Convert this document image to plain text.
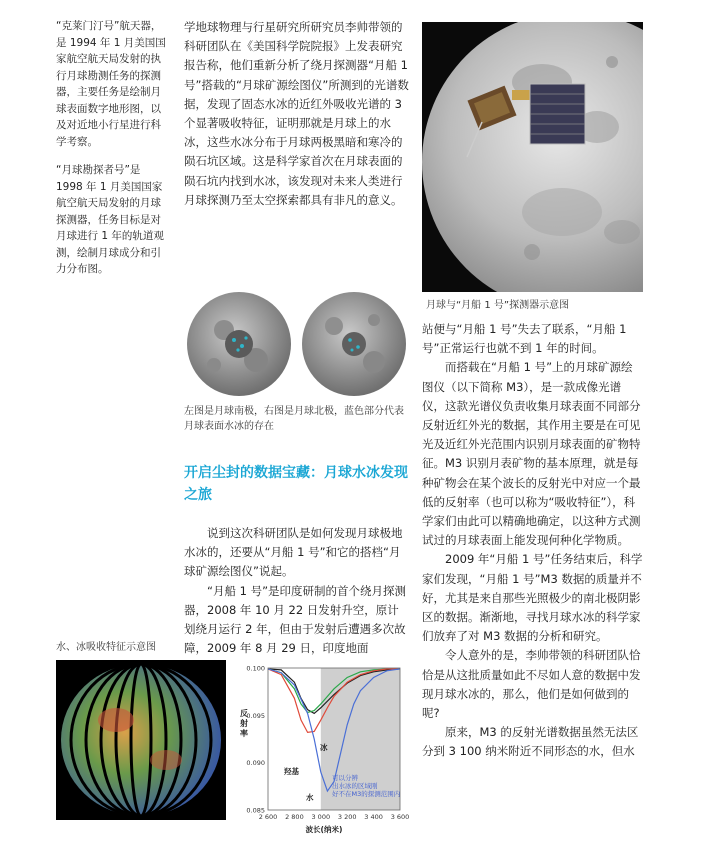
“克莱门汀号”航天器，是 1994 年 1 月美国国家航空航天局发射的执行月球勘测任务的探测器，主要任务是绘制月球表面数字地形图，以及对近地小行星进行科学考察。

“月球勘探者号”是 1998 年 1 月美国国家航空航天局发射的月球探测器，任务目标是对月球进行 1 年的轨道观测，绘制月球成分和引力分布图。

学地球物理与行星研究所研究员李帅带领的科研团队在《美国科学院院报》上发表研究报告称，他们重新分析了绕月探测器“月船 1 号”搭载的“月球矿源绘图仪”所测到的光谱数据，发现了固态水冰的近红外吸收光谱的 3 个显著吸收特征，证明那就是月球上的水冰，这些水冰分布于月球两极黑暗和寒冷的陨石坑区域。这是科学家首次在月球表面的陨石坑内找到水冰，该发现对未来人类进行月球探测乃至太空探索都具有非凡的意义。

月球与“月船 1 号”探测器示意图
左图是月球南极，右图是月球北极，蓝色部分代表月球表面水冰的存在
开启尘封的数据宝藏：月球水冰发现之旅

说到这次科研团队是如何发现月球极地水冰的，还要从“月船 1 号”和它的搭档“月球矿源绘图仪”说起。

“月船 1 号”是印度研制的首个绕月探测器，2008 年 10 月 22 日发射升空，原计划绕月运行 2 年，但由于发射后遭遇多次故障，2009 年 8 月 29 日，印度地面

站便与“月船 1 号”失去了联系，“月船 1 号”正常运行也就不到 1 年的时间。

而搭载在“月船 1 号”上的月球矿源绘图仪（以下简称 M3），是一款成像光谱仪，这款光谱仪负责收集月球表面不同部分反射近红外光的数据，其作用主要是在可见光及近红外光范围内识别月球表面的矿物特征。M3 识别月表矿物的基本原理，就是每种矿物会在某个波长的反射光中对应一个最低的反射率（也可以称为“吸收特征”），科学家们由此可以精确地确定，以这种方式测试过的月球表面上能发现何种化学物质。

2009 年“月船 1 号”任务结束后，科学家们发现，“月船 1 号”M3 数据的质量并不好，尤其是来自那些光照极少的南北极阴影区的数据。渐渐地，寻找月球水冰的科学家们放弃了对 M3 数据的分析和研究。

令人意外的是，李帅带领的科研团队恰恰是从这批质量如此不尽如人意的数据中发现月球水冰的，那么，他们是如何做到的呢?

原来，M3 的反射光谱数据虽然无法区分到 3 100 纳米附近不同形态的水，但水

水、冰吸收特征示意图
2 600 2 800 3 000 3 200 3 400 3 600
0.100
0.095
0.090
0.085
反射率
波长(纳米)
羟基
冰
水
可以分辨
出水冰的区域刚
好不在M3的探测范围内
